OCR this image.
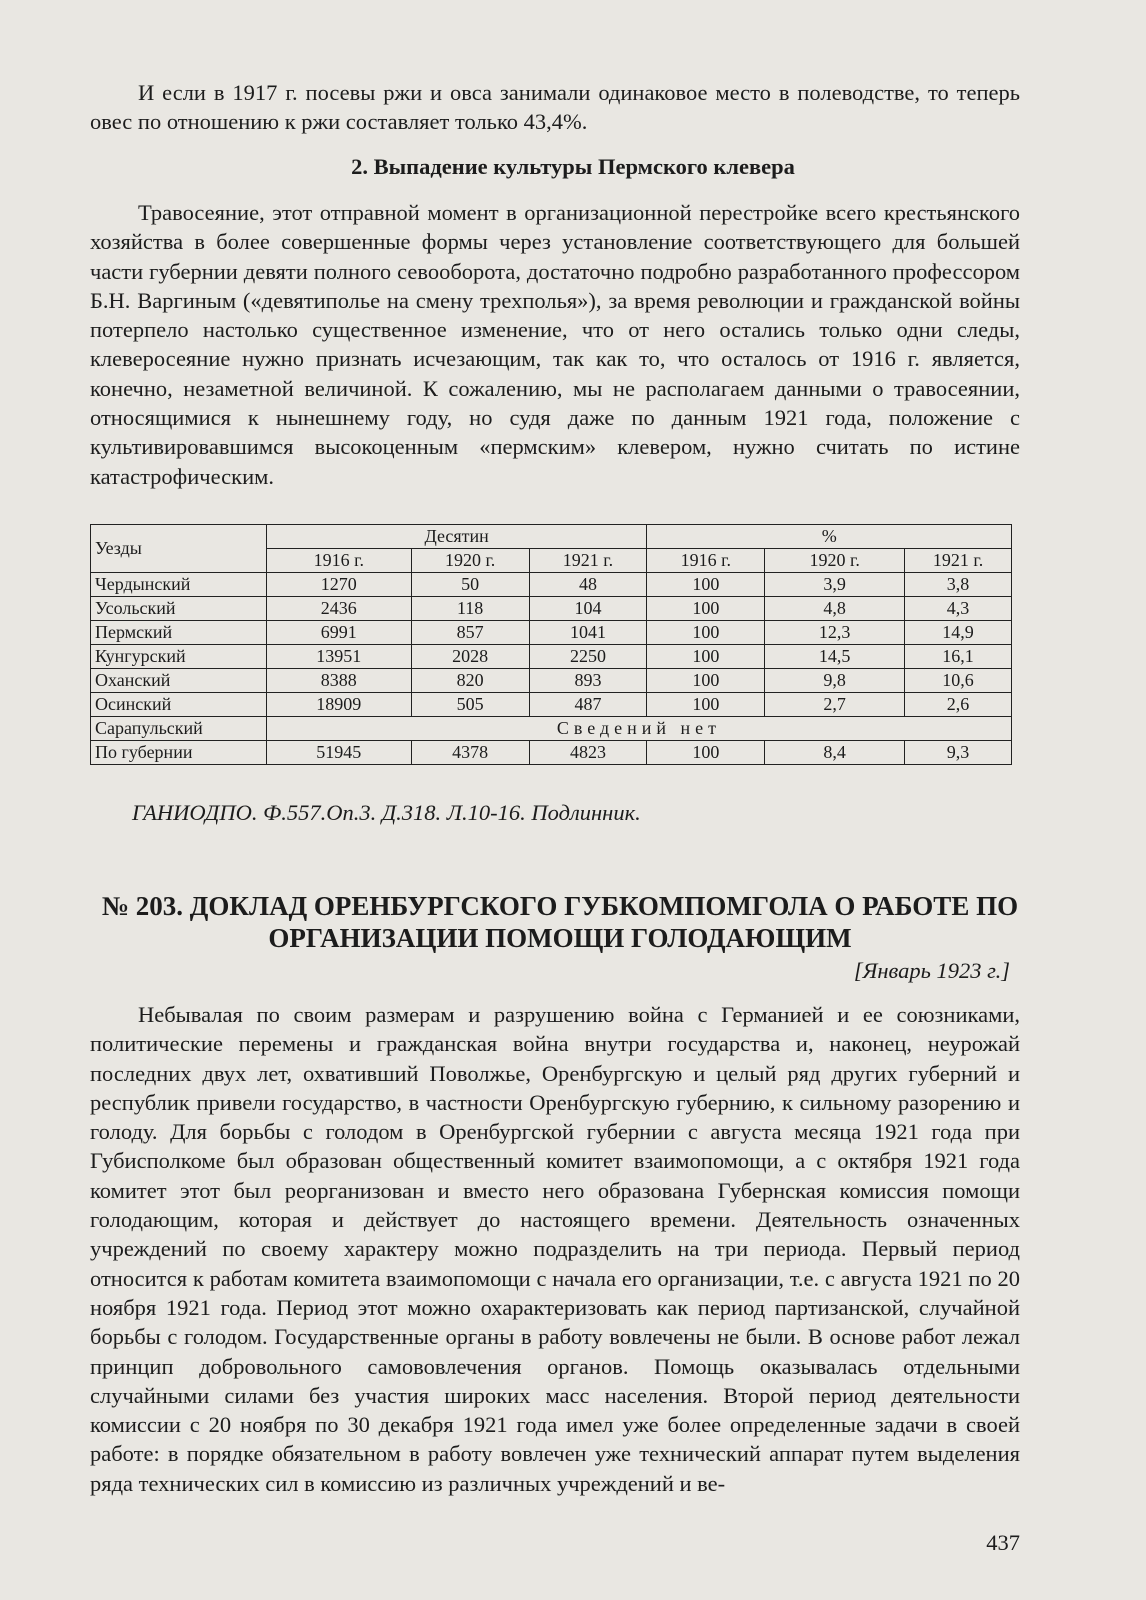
И если в 1917 г. посевы ржи и овса занимали одинаковое место в полеводстве, то теперь овес по отношению к ржи составляет только 43,4%.

2. Выпадение культуры Пермского клевера

Травосеяние, этот отправной момент в организационной перестройке всего крестьянского хозяйства в более совершенные формы через установление соответствующего для большей части губернии девяти полного севооборота, достаточно подробно разработанного профессором Б.Н. Варгиным («девятиполье на смену трехполья»), за время революции и гражданской войны потерпело настолько существенное изменение, что от него остались только одни следы, клеверосеяние нужно признать исчезающим, так как то, что осталось от 1916 г. является, конечно, незаметной величиной. К сожалению, мы не располагаем данными о травосеянии, относящимися к нынешнему году, но судя даже по данным 1921 года, положение с культивировавшимся высокоценным «пермским» клевером, нужно считать по истине катастрофическим.

Уезды	Десятин			%		
	1916 г.	1920 г.	1921 г.	1916 г.	1920 г.	1921 г.
Чердынский	1270	50	48	100	3,9	3,8
Усольский	2436	118	104	100	4,8	4,3
Пермский	6991	857	1041	100	12,3	14,9
Кунгурский	13951	2028	2250	100	14,5	16,1
Оханский	8388	820	893	100	9,8	10,6
Осинский	18909	505	487	100	2,7	2,6
Сарапульский	Сведений нет					
По губернии	51945	4378	4823	100	8,4	9,3

ГАНИОДПО. Ф.557.Оп.3. Д.318. Л.10-16. Подлинник.

№ 203. ДОКЛАД ОРЕНБУРГСКОГО ГУБКОМПОМГОЛА О РАБОТЕ ПО ОРГАНИЗАЦИИ ПОМОЩИ ГОЛОДАЮЩИМ

[Январь 1923 г.]

Небывалая по своим размерам и разрушению война с Германией и ее союзниками, политические перемены и гражданская война внутри государства и, наконец, неурожай последних двух лет, охвативший Поволжье, Оренбургскую и целый ряд других губерний и республик привели государство, в частности Оренбургскую губернию, к сильному разорению и голоду. Для борьбы с голодом в Оренбургской губернии с августа месяца 1921 года при Губисполкоме был образован общественный комитет взаимопомощи, а с октября 1921 года комитет этот был реорганизован и вместо него образована Губернская комиссия помощи голодающим, которая и действует до настоящего времени. Деятельность означенных учреждений по своему характеру можно подразделить на три периода. Первый период относится к работам комитета взаимопомощи с начала его организации, т.е. с августа 1921 по 20 ноября 1921 года. Период этот можно охарактеризовать как период партизанской, случайной борьбы с голодом. Государственные органы в работу вовлечены не были. В основе работ лежал принцип добровольного самововлечения органов. Помощь оказывалась отдельными случайными силами без участия широких масс населения. Второй период деятельности комиссии с 20 ноября по 30 декабря 1921 года имел уже более определенные задачи в своей работе: в порядке обязательном в работу вовлечен уже технический аппарат путем выделения ряда технических сил в комиссию из различных учреждений и ве-

437
